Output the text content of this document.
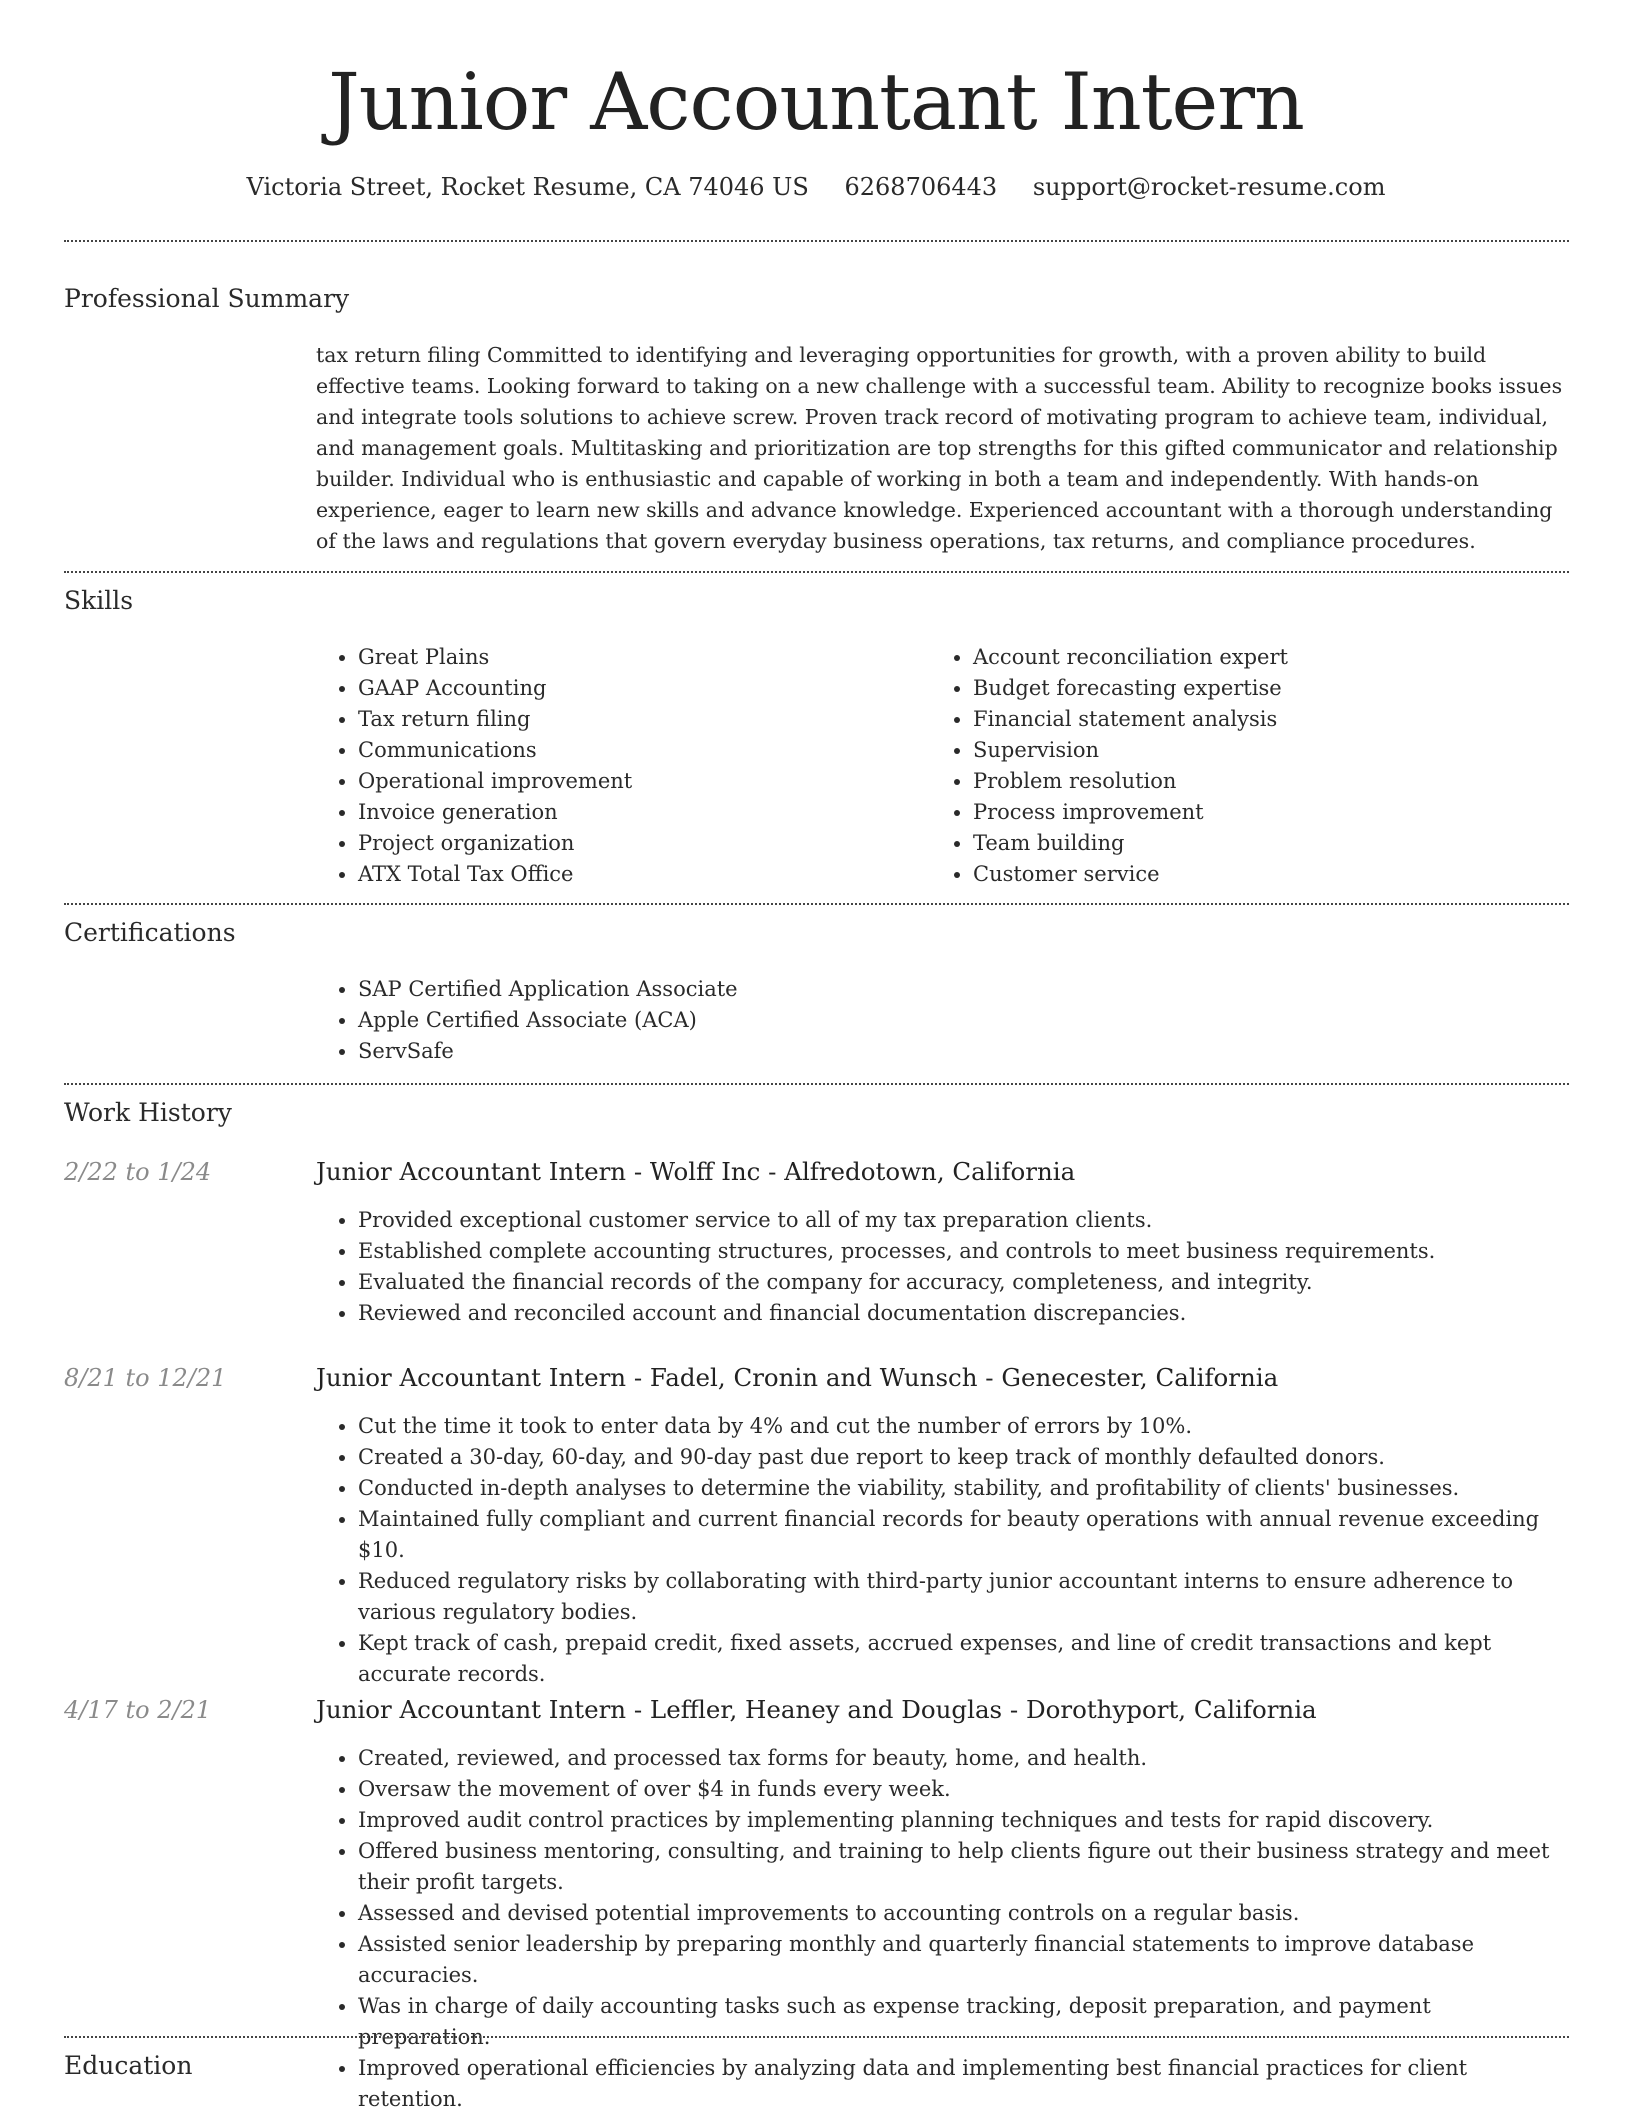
Junior Accountant Intern
Victoria Street, Rocket Resume, CA 74046 US 6268706443 support@rocket-resume.com
Professional Summary
tax return filing Committed to identifying and leveraging opportunities for growth, with a proven ability to build effective teams. Looking forward to taking on a new challenge with a successful team. Ability to recognize books issues and integrate tools solutions to achieve screw. Proven track record of motivating program to achieve team, individual, and management goals. Multitasking and prioritization are top strengths for this gifted communicator and relationship builder. Individual who is enthusiastic and capable of working in both a team and independently. With hands-on experience, eager to learn new skills and advance knowledge. Experienced accountant with a thorough understanding of the laws and regulations that govern everyday business operations, tax returns, and compliance procedures.
Skills
• Great Plains
• GAAP Accounting
• Tax return filing
• Communications
• Operational improvement
• Invoice generation
• Project organization
• ATX Total Tax Office
• Account reconciliation expert
• Budget forecasting expertise
• Financial statement analysis
• Supervision
• Problem resolution
• Process improvement
• Team building
• Customer service
Certifications
• SAP Certified Application Associate
• Apple Certified Associate (ACA)
• ServSafe
Work History
2/22 to 1/24	Junior Accountant Intern - Wolff Inc - Alfredotown, California
• Provided exceptional customer service to all of my tax preparation clients.
• Established complete accounting structures, processes, and controls to meet business requirements.
• Evaluated the financial records of the company for accuracy, completeness, and integrity.
• Reviewed and reconciled account and financial documentation discrepancies.
8/21 to 12/21	Junior Accountant Intern - Fadel, Cronin and Wunsch - Genecester, California
• Cut the time it took to enter data by 4% and cut the number of errors by 10%.
• Created a 30-day, 60-day, and 90-day past due report to keep track of monthly defaulted donors.
• Conducted in-depth analyses to determine the viability, stability, and profitability of clients' businesses.
• Maintained fully compliant and current financial records for beauty operations with annual revenue exceeding $10.
• Reduced regulatory risks by collaborating with third-party junior accountant interns to ensure adherence to various regulatory bodies.
• Kept track of cash, prepaid credit, fixed assets, accrued expenses, and line of credit transactions and kept accurate records.
4/17 to 2/21	Junior Accountant Intern - Leffler, Heaney and Douglas - Dorothyport, California
• Created, reviewed, and processed tax forms for beauty, home, and health.
• Oversaw the movement of over $4 in funds every week.
• Improved audit control practices by implementing planning techniques and tests for rapid discovery.
• Offered business mentoring, consulting, and training to help clients figure out their business strategy and meet their profit targets.
• Assessed and devised potential improvements to accounting controls on a regular basis.
• Assisted senior leadership by preparing monthly and quarterly financial statements to improve database accuracies.
• Was in charge of daily accounting tasks such as expense tracking, deposit preparation, and payment preparation.
• Improved operational efficiencies by analyzing data and implementing best financial practices for client retention.
Education
